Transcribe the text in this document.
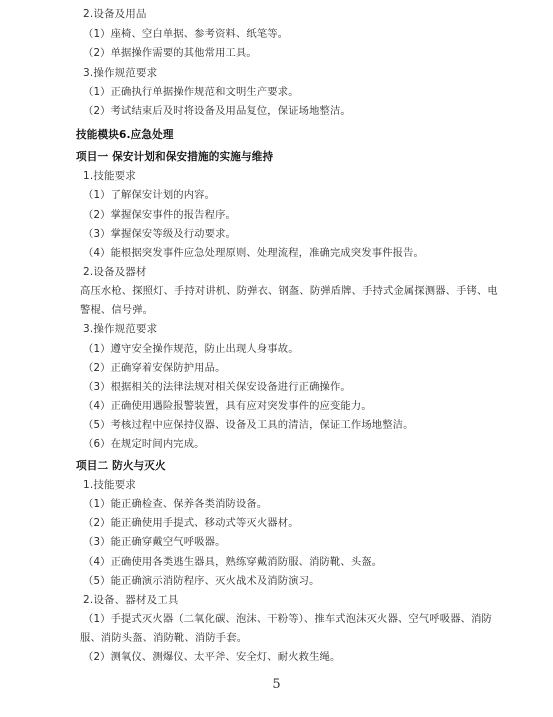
2.设备及用品
（1）座椅、空白单据、参考资料、纸笔等。
（2）单据操作需要的其他常用工具。
3.操作规范要求
（1）正确执行单据操作规范和文明生产要求。
（2）考试结束后及时将设备及用品复位，保证场地整洁。
技能模块6.应急处理
项目一 保安计划和保安措施的实施与维持
1.技能要求
（1）了解保安计划的内容。
（2）掌握保安事件的报告程序。
（3）掌握保安等级及行动要求。
（4）能根据突发事件应急处理原则、处理流程，准确完成突发事件报告。
2.设备及器材
高压水枪、探照灯、手持对讲机、防弹衣、钢盔、防弹盾牌、手持式金属探测器、手铐、电
警棍、信号弹。
3.操作规范要求
（1）遵守安全操作规范，防止出现人身事故。
（2）正确穿着安保防护用品。
（3）根据相关的法律法规对相关保安设备进行正确操作。
（4）正确使用遇险报警装置，具有应对突发事件的应变能力。
（5）考核过程中应保持仪器、设备及工具的清洁，保证工作场地整洁。
（6）在规定时间内完成。
项目二 防火与灭火
1.技能要求
（1）能正确检查、保养各类消防设备。
（2）能正确使用手提式、移动式等灭火器材。
（3）能正确穿戴空气呼吸器。
（4）正确使用各类逃生器具，熟练穿戴消防服、消防靴、头盔。
（5）能正确演示消防程序、灭火战术及消防演习。
2.设备、器材及工具
（1）手提式灭火器（二氧化碳、泡沫、干粉等）、推车式泡沫灭火器、空气呼吸器、消防
服、消防头盔、消防靴、消防手套。
（2）测氧仪、测爆仪、太平斧、安全灯、耐火救生绳。
5
